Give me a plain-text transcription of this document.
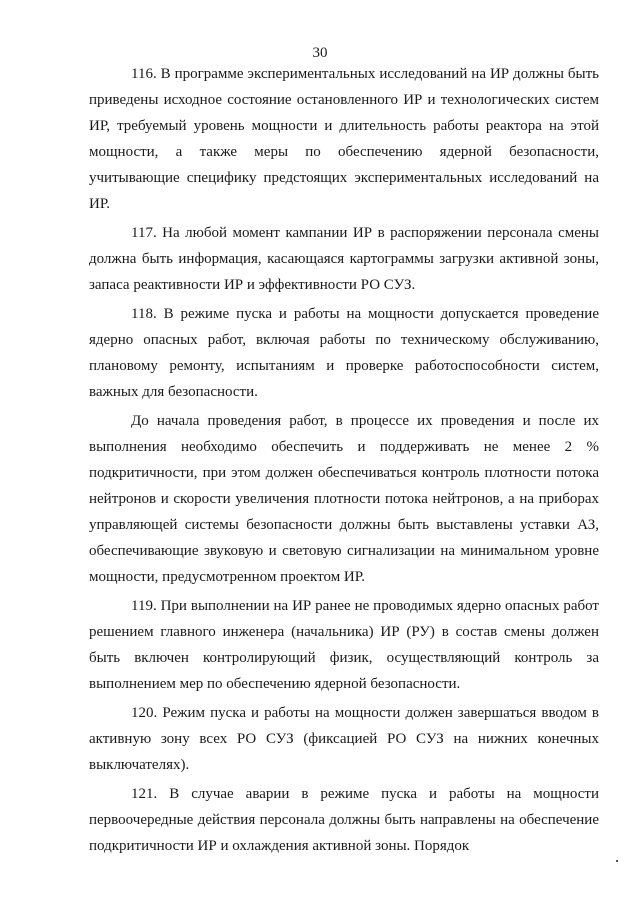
30

116. В программе экспериментальных исследований на ИР должны быть приведены исходное состояние остановленного ИР и технологических систем ИР, требуемый уровень мощности и длительность работы реактора на этой мощности, а также меры по обеспечению ядерной безопасности, учитывающие специфику предстоящих экспериментальных исследований на ИР.

117. На любой момент кампании ИР в распоряжении персонала смены должна быть информация, касающаяся картограммы загрузки активной зоны, запаса реактивности ИР и эффективности РО СУЗ.

118. В режиме пуска и работы на мощности допускается проведение ядерно опасных работ, включая работы по техническому обслуживанию, плановому ремонту, испытаниям и проверке работоспособности систем, важных для безопасности.

До начала проведения работ, в процессе их проведения и после их выполнения необходимо обеспечить и поддерживать не менее 2 % подкритичности, при этом должен обеспечиваться контроль плотности потока нейтронов и скорости увеличения плотности потока нейтронов, а на приборах управляющей системы безопасности должны быть выставлены уставки АЗ, обеспечивающие звуковую и световую сигнализации на минимальном уровне мощности, предусмотренном проектом ИР.

119. При выполнении на ИР ранее не проводимых ядерно опасных работ решением главного инженера (начальника) ИР (РУ) в состав смены должен быть включен контролирующий физик, осуществляющий контроль за выполнением мер по обеспечению ядерной безопасности.

120. Режим пуска и работы на мощности должен завершаться вводом в активную зону всех РО СУЗ (фиксацией РО СУЗ на нижних конечных выключателях).

121. В случае аварии в режиме пуска и работы на мощности первоочередные действия персонала должны быть направлены на обеспечение подкритичности ИР и охлаждения активной зоны. Порядок
